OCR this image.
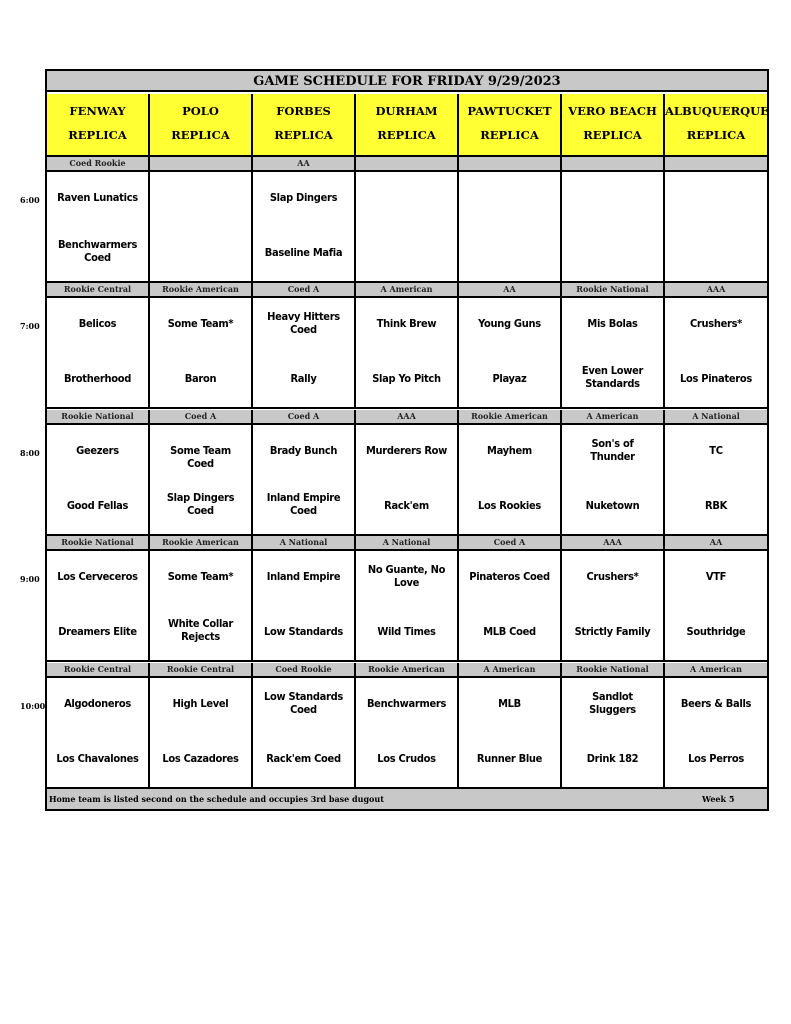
6:00
7:00
8:00
9:00
10:00
GAME SCHEDULE FOR FRIDAY 9/29/2023
FENWAY
REPLICA
POLO
REPLICA
FORBES
REPLICA
DURHAM
REPLICA
PAWTUCKET
REPLICA
VERO BEACH
REPLICA
ALBUQUERQUE
REPLICA
Coed Rookie
Raven Lunatics
Benchwarmers Coed
AA
Slap Dingers
Baseline Mafia
Rookie Central
Belicos
Brotherhood
Rookie American
Some Team*
Baron
Coed A
Heavy Hitters Coed
Rally
A American
Think Brew
Slap Yo Pitch
AA
Young Guns
Playaz
Rookie National
Mis Bolas
Even Lower Standards
AAA
Crushers*
Los Pinateros
Rookie National
Geezers
Good Fellas
Coed A
Some Team Coed
Slap Dingers Coed
Coed A
Brady Bunch
Inland Empire Coed
AAA
Murderers Row
Rack'em
Rookie American
Mayhem
Los Rookies
A American
Son's of Thunder
Nuketown
A National
TC
RBK
Rookie National
Los Cerveceros
Dreamers Elite
Rookie American
Some Team*
White Collar Rejects
A National
Inland Empire
Low Standards
A National
No Guante, No Love
Wild Times
Coed A
Pinateros Coed
MLB Coed
AAA
Crushers*
Strictly Family
AA
VTF
Southridge
Rookie Central
Algodoneros
Los Chavalones
Rookie Central
High Level
Los Cazadores
Coed Rookie
Low Standards Coed
Rack'em Coed
Rookie American
Benchwarmers
Los Crudos
A American
MLB
Runner Blue
Rookie National
Sandlot Sluggers
Drink 182
A American
Beers & Balls
Los Perros
Home team is listed second on the schedule and occupies 3rd base dugout	Week 5
